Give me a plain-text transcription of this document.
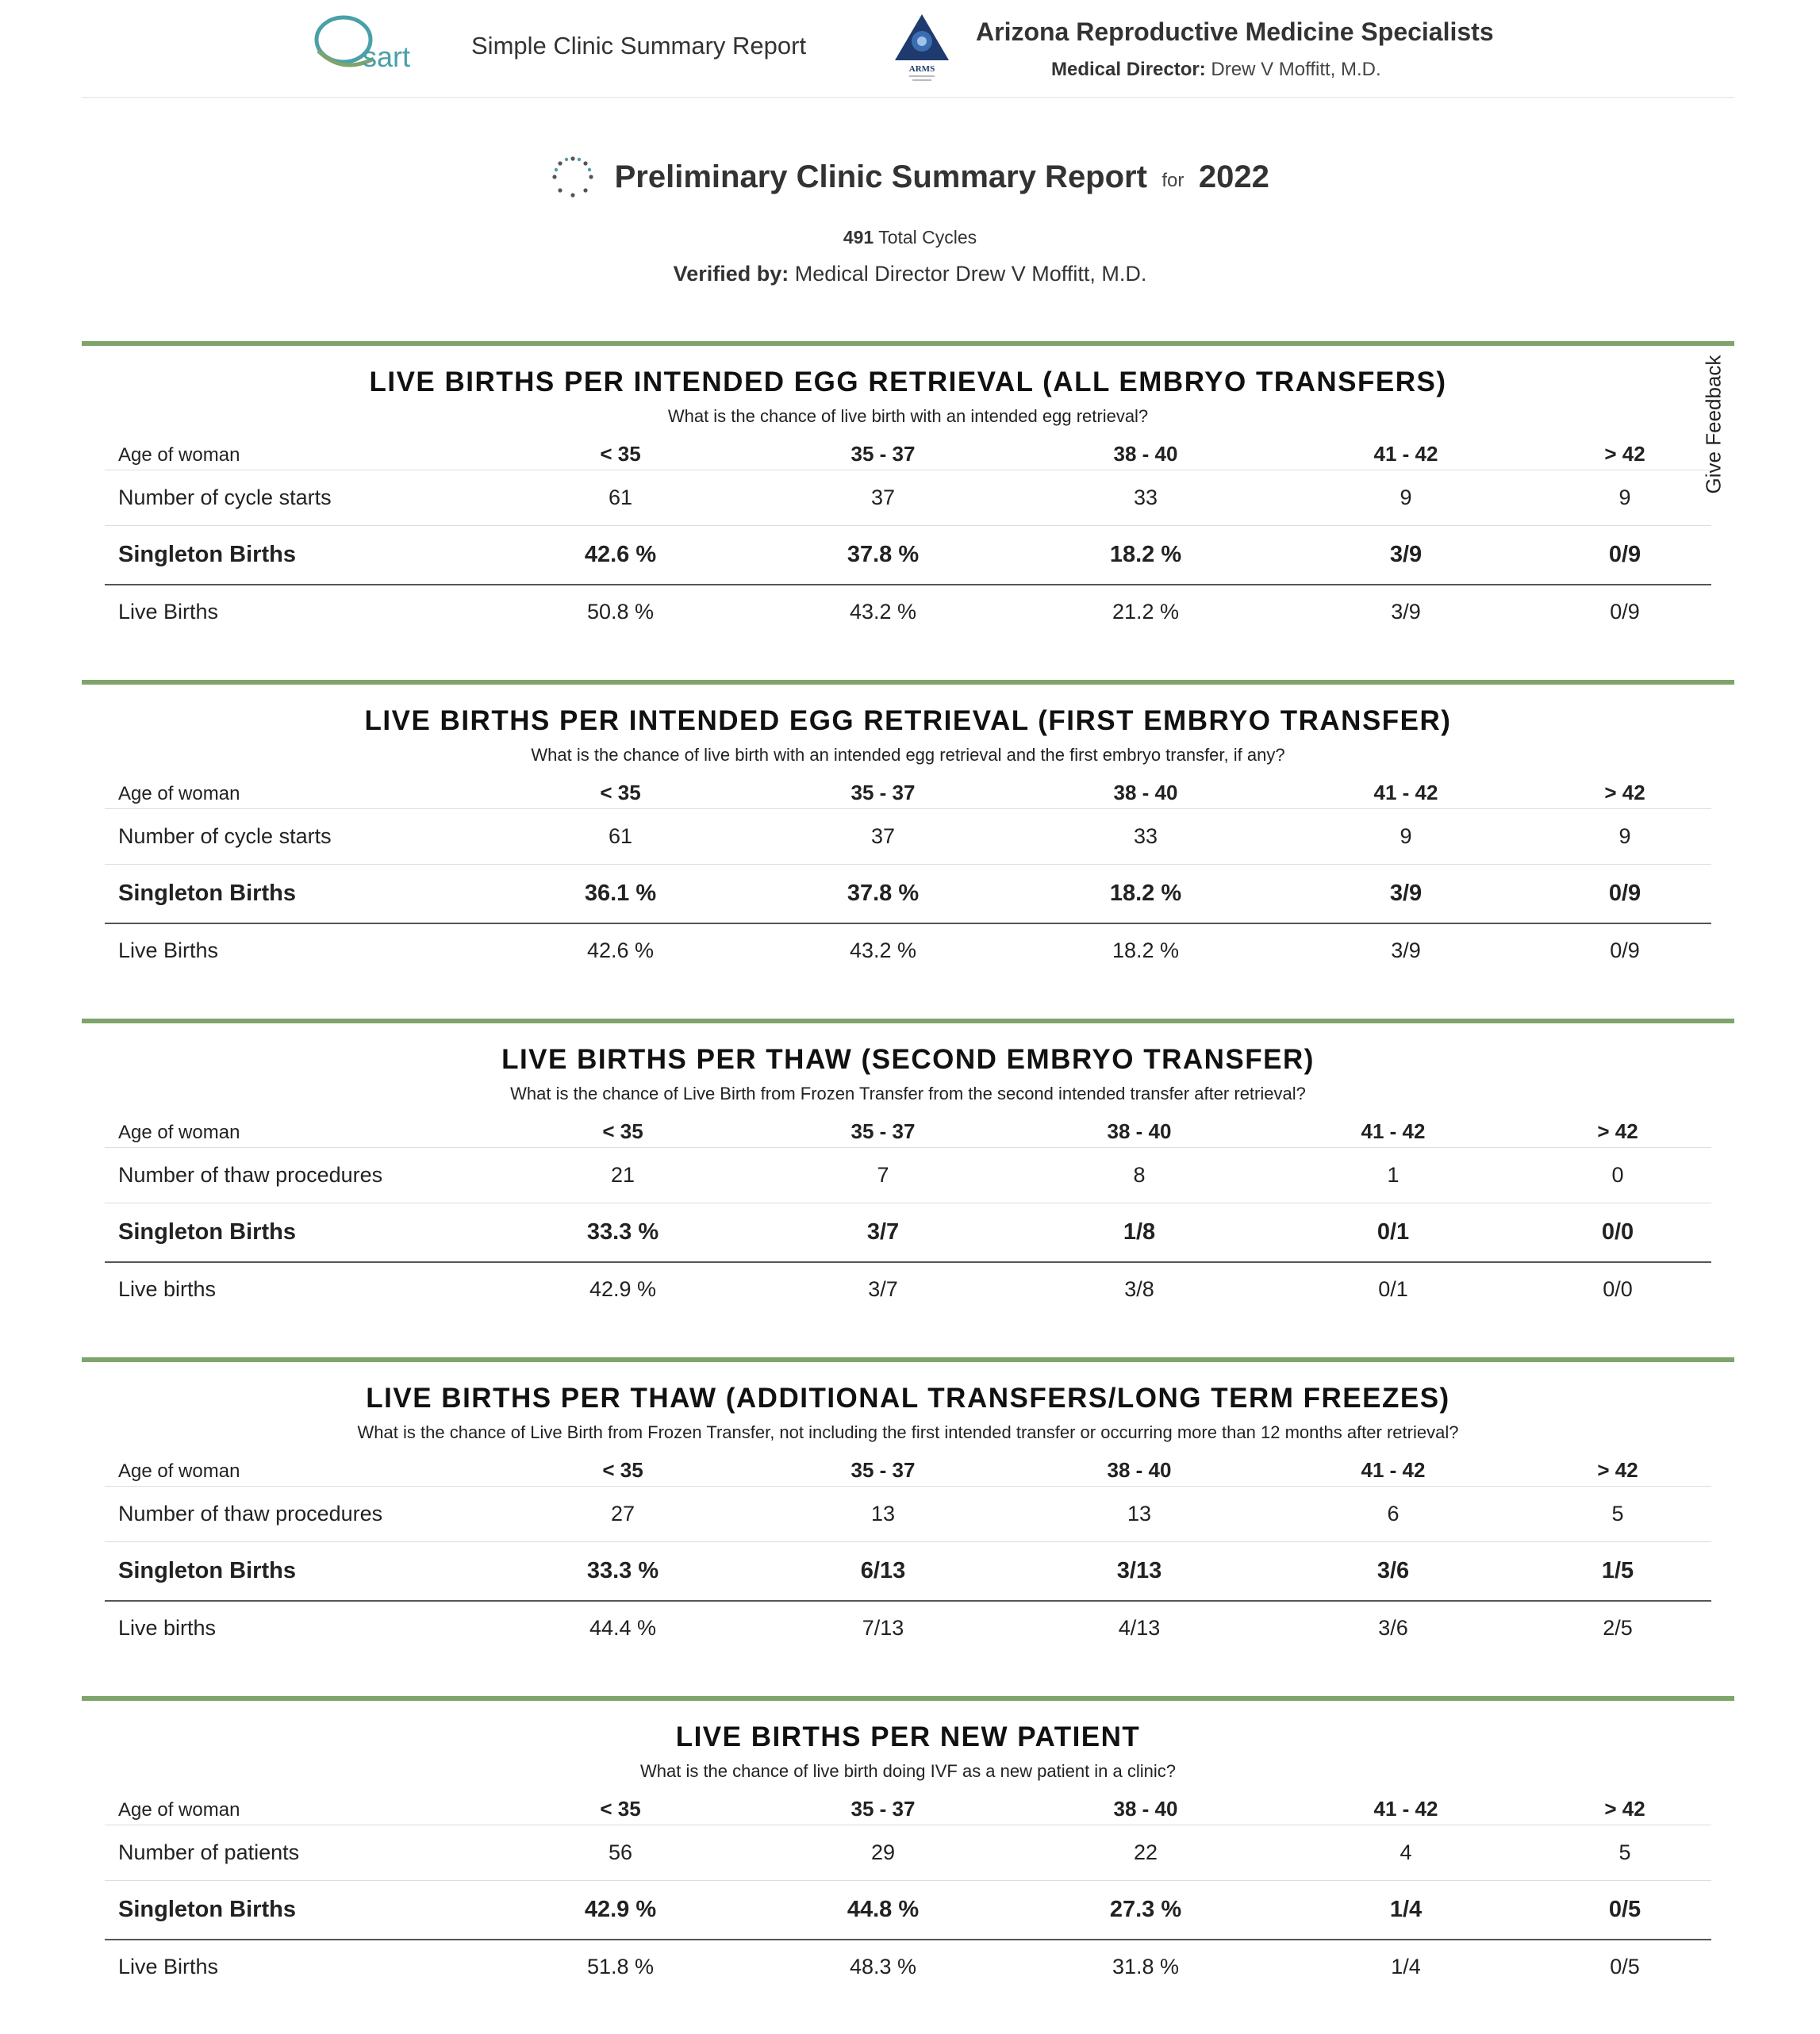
sart Simple Clinic Summary Report
ARMS
Arizona Reproductive Medicine Specialists
Medical Director: Drew V Moffitt, M.D.
Preliminary Clinic Summary Report for 2022
491 Total Cycles
Verified by: Medical Director Drew V Moffitt, M.D.
LIVE BIRTHS PER INTENDED EGG RETRIEVAL (ALL EMBRYO TRANSFERS)
What is the chance of live birth with an intended egg retrieval?
Age of woman	< 35	35 - 37	38 - 40	41 - 42	> 42
Number of cycle starts	61	37	33	9	9
Singleton Births	42.6 %	37.8 %	18.2 %	3/9	0/9
Live Births	50.8 %	43.2 %	21.2 %	3/9	0/9
LIVE BIRTHS PER INTENDED EGG RETRIEVAL (FIRST EMBRYO TRANSFER)
What is the chance of live birth with an intended egg retrieval and the first embryo transfer, if any?
Age of woman	< 35	35 - 37	38 - 40	41 - 42	> 42
Number of cycle starts	61	37	33	9	9
Singleton Births	36.1 %	37.8 %	18.2 %	3/9	0/9
Live Births	42.6 %	43.2 %	18.2 %	3/9	0/9
LIVE BIRTHS PER THAW (SECOND EMBRYO TRANSFER)
What is the chance of Live Birth from Frozen Transfer from the second intended transfer after retrieval?
Age of woman	< 35	35 - 37	38 - 40	41 - 42	> 42
Number of thaw procedures	21	7	8	1	0
Singleton Births	33.3 %	3/7	1/8	0/1	0/0
Live births	42.9 %	3/7	3/8	0/1	0/0
LIVE BIRTHS PER THAW (ADDITIONAL TRANSFERS/LONG TERM FREEZES)
What is the chance of Live Birth from Frozen Transfer, not including the first intended transfer or occurring more than 12 months after retrieval?
Age of woman	< 35	35 - 37	38 - 40	41 - 42	> 42
Number of thaw procedures	27	13	13	6	5
Singleton Births	33.3 %	6/13	3/13	3/6	1/5
Live births	44.4 %	7/13	4/13	3/6	2/5
LIVE BIRTHS PER NEW PATIENT
What is the chance of live birth doing IVF as a new patient in a clinic?
Age of woman	< 35	35 - 37	38 - 40	41 - 42	> 42
Number of patients	56	29	22	4	5
Singleton Births	42.9 %	44.8 %	27.3 %	1/4	0/5
Live Births	51.8 %	48.3 %	31.8 %	1/4	0/5
Give Feedback
